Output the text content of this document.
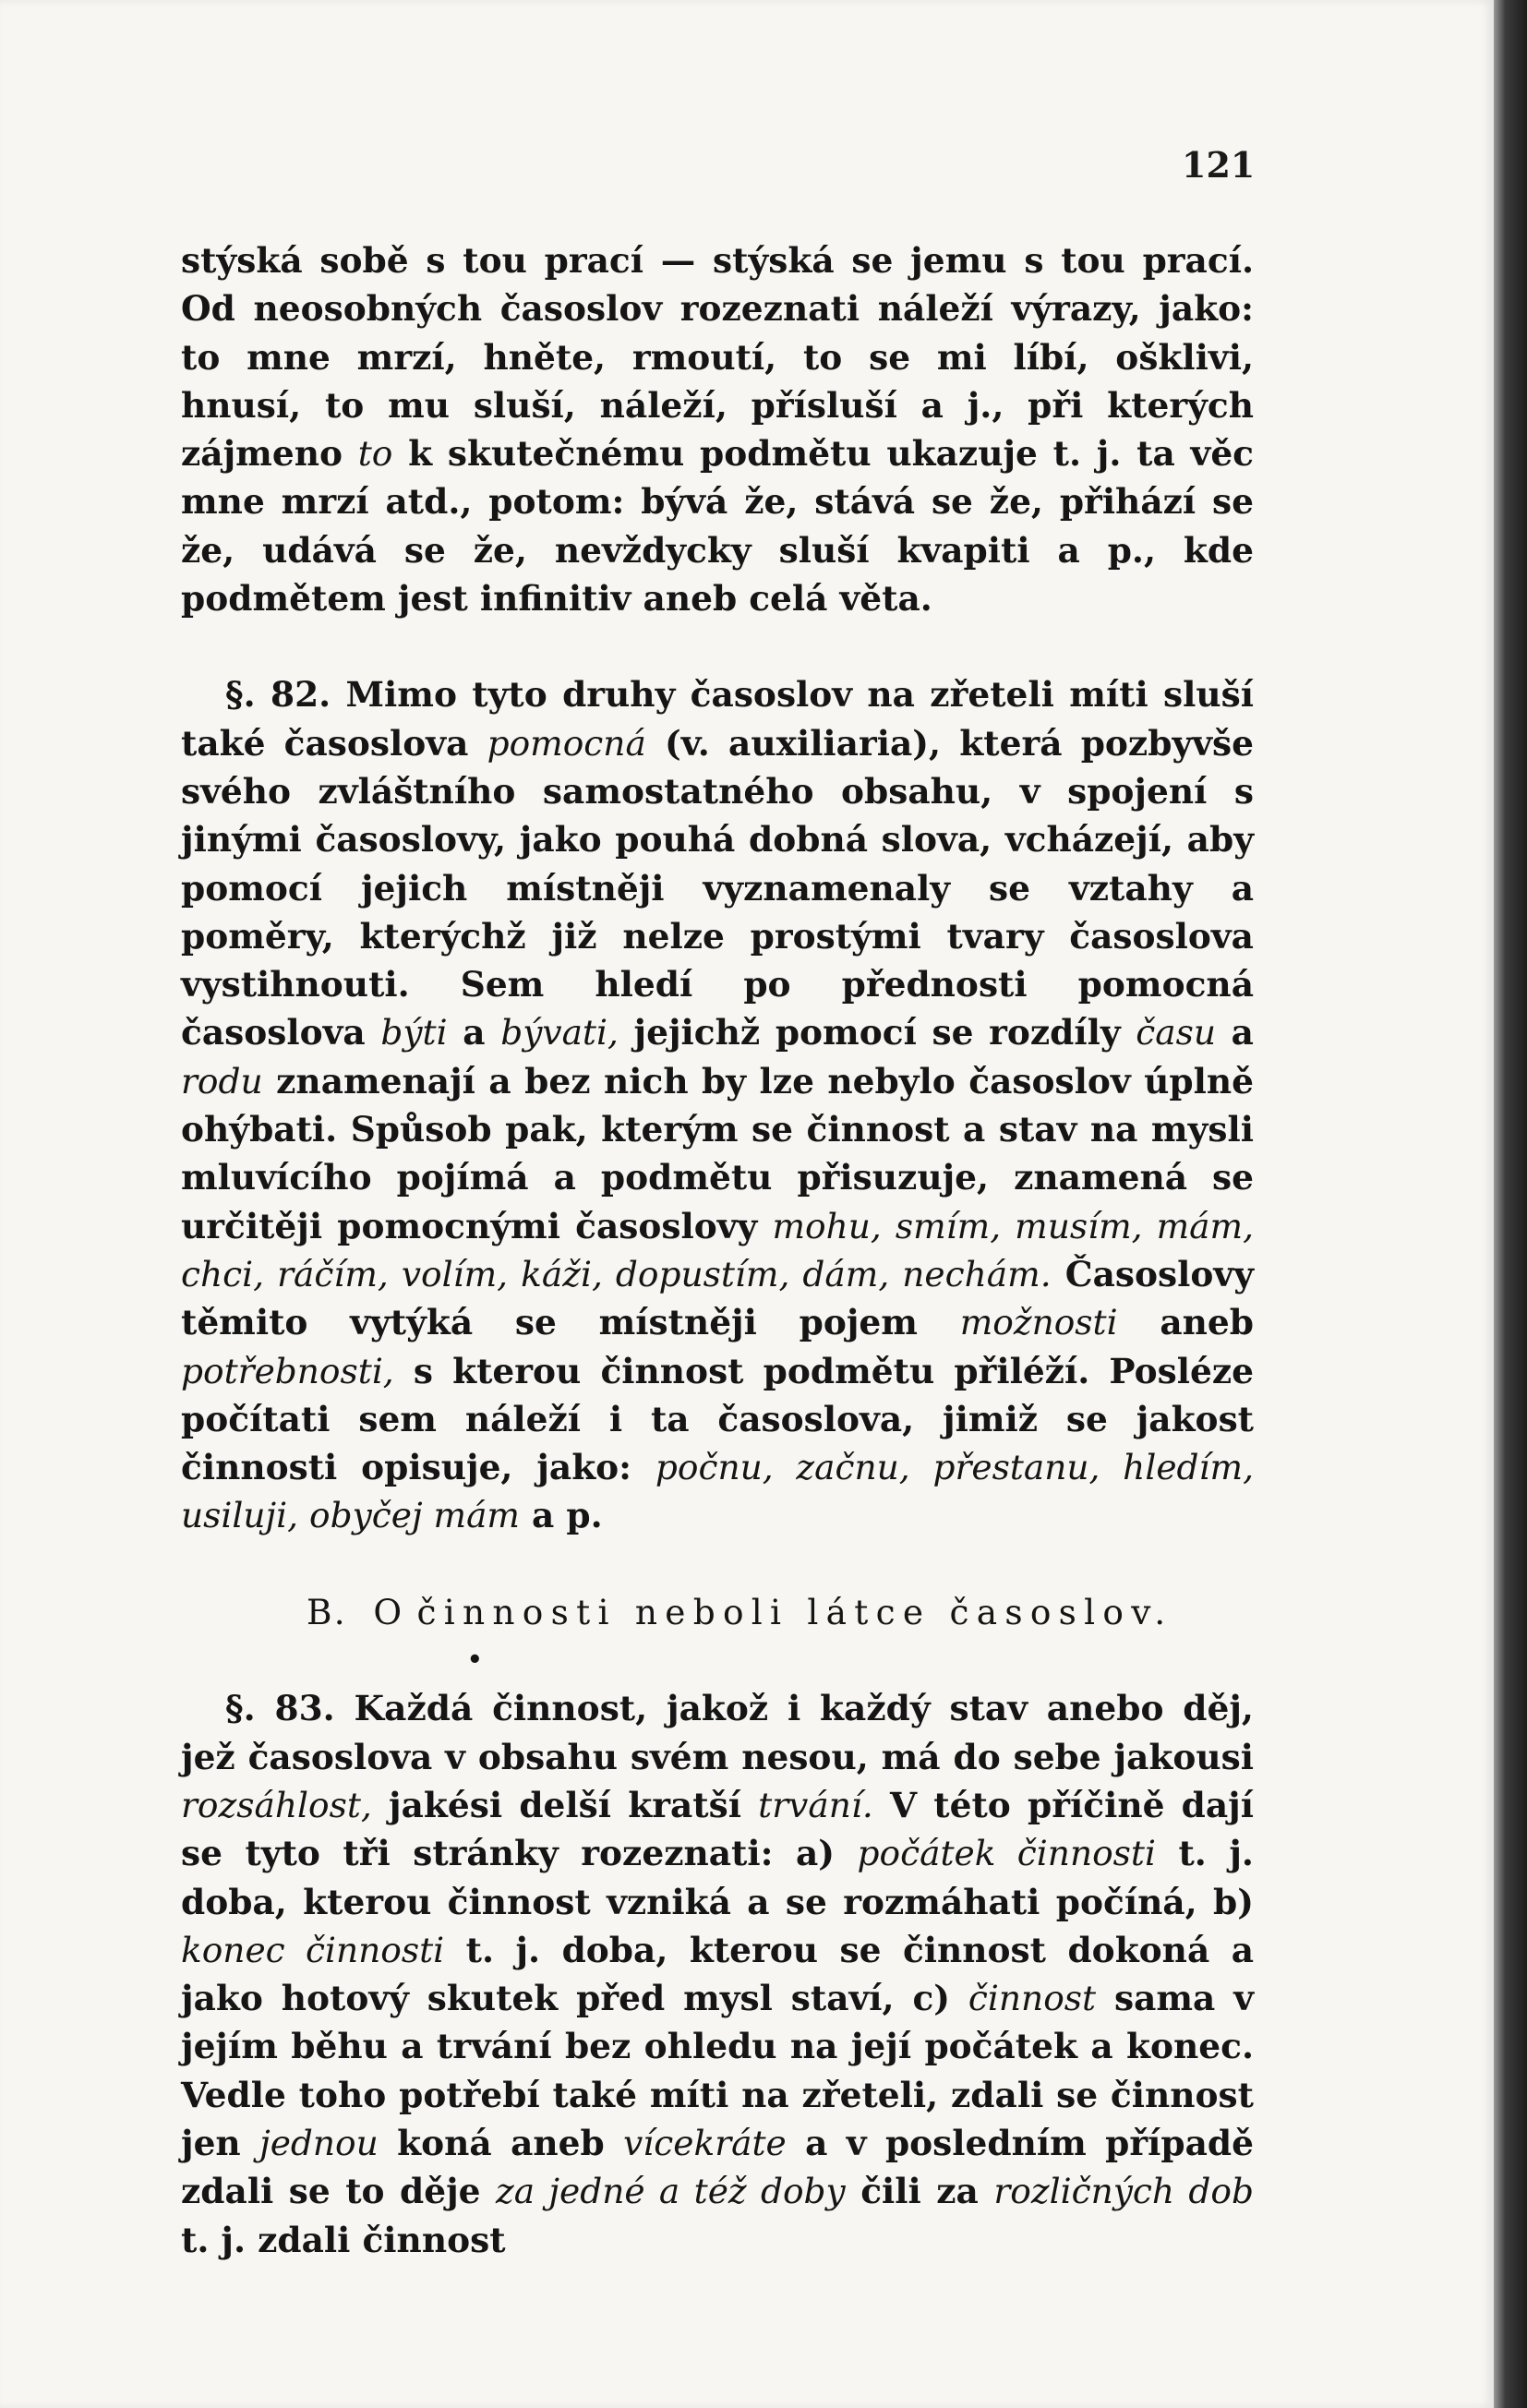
121

stýská sobě s tou prací — stýská se jemu s tou prací. Od neosobných časoslov rozeznati náleží výrazy, jako: to mne mrzí, hněte, rmoutí, to se mi líbí, ošklivi, hnusí, to mu sluší, náleží, přísluší a j., při kterých zájmeno to k skutečnému podmětu ukazuje t. j. ta věc mne mrzí atd., potom: bývá že, stává se že, přihází se že, udává se že, nevždycky sluší kvapiti a p., kde podmětem jest infinitiv aneb celá věta.

§. 82. Mimo tyto druhy časoslov na zřeteli míti sluší také časoslova pomocná (v. auxiliaria), která pozbyvše svého zvláštního samostatného obsahu, v spojení s jinými časoslovy, jako pouhá dobná slova, vcházejí, aby pomocí jejich místněji vyznamenaly se vztahy a poměry, kterýchž již nelze prostými tvary časoslova vystihnouti. Sem hledí po přednosti pomocná časoslova býti a bývati, jejichž pomocí se rozdíly času a rodu znamenají a bez nich by lze nebylo časoslov úplně ohýbati. Spůsob pak, kterým se činnost a stav na mysli mluvícího pojímá a podmětu přisuzuje, znamená se určitěji pomocnými časoslovy mohu, smím, musím, mám, chci, ráčím, volím, káži, dopustím, dám, nechám. Časoslovy těmito vytýká se místněji pojem možnosti aneb potřebnosti, s kterou činnost podmětu přiléží. Posléze počítati sem náleží i ta časoslova, jimiž se jakost činnosti opisuje, jako: počnu, začnu, přestanu, hledím, usiluji, obyčej mám a p.

B. O činnosti neboli látce časoslov.

•

§. 83. Každá činnost, jakož i každý stav anebo děj, jež časoslova v obsahu svém nesou, má do sebe jakousi rozsáhlost, jakési delší kratší trvání. V této příčině dají se tyto tři stránky rozeznati: a) počátek činnosti t. j. doba, kterou činnost vzniká a se rozmáhati počíná, b) konec činnosti t. j. doba, kterou se činnost dokoná a jako hotový skutek před mysl staví, c) činnost sama v jejím běhu a trvání bez ohledu na její počátek a konec. Vedle toho potřebí také míti na zřeteli, zdali se činnost jen jednou koná aneb vícekráte a v posledním případě zdali se to děje za jedné a též doby čili za rozličných dob t. j. zdali činnost
